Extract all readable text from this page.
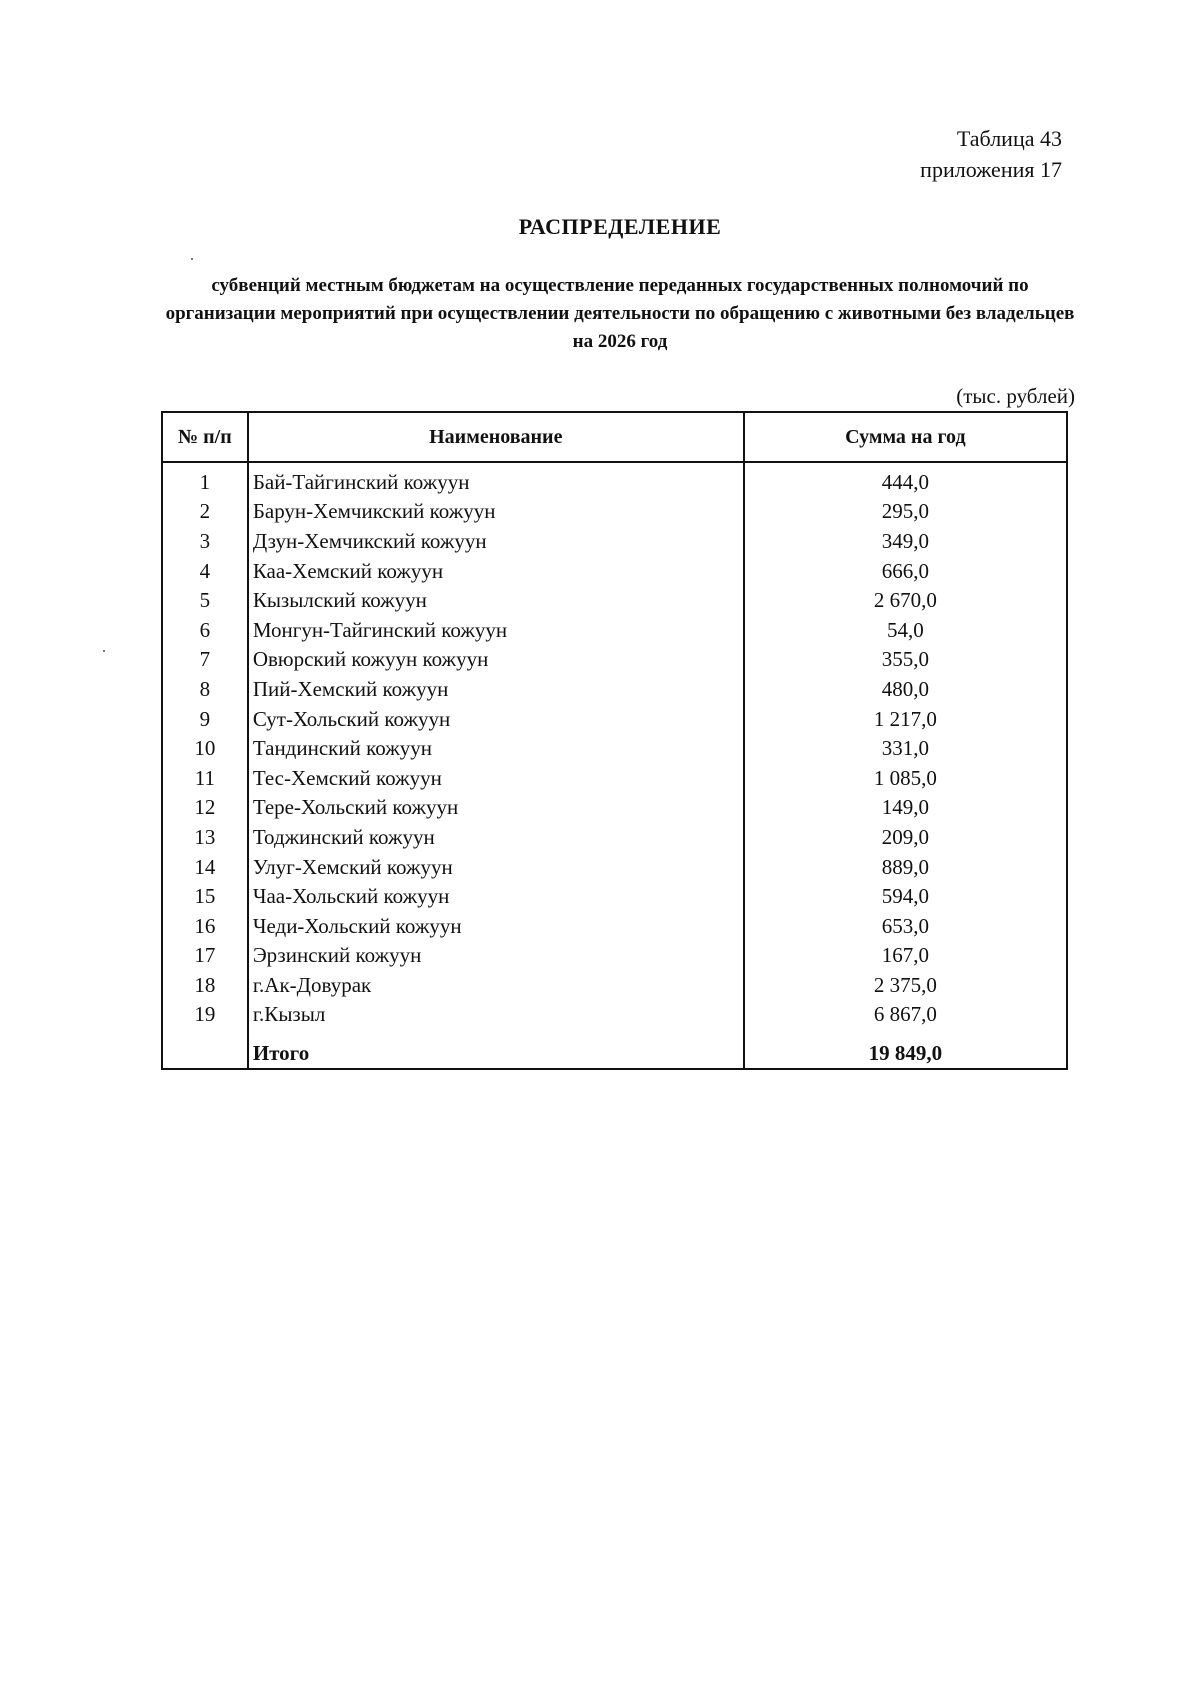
Таблица 43
приложения 17
РАСПРЕДЕЛЕНИЕ
субвенций местным бюджетам на осуществление переданных государственных полномочий по организации мероприятий при осуществлении деятельности по обращению с животными без владельцев на 2026 год
(тыс. рублей)
№ п/п	Наименование	Сумма на год
1	Бай-Тайгинский кожуун	444,0
2	Барун-Хемчикский кожуун	295,0
3	Дзун-Хемчикский кожуун	349,0
4	Каа-Хемский кожуун	666,0
5	Кызылский кожуун	2 670,0
6	Монгун-Тайгинский кожуун	54,0
7	Овюрский кожуун кожуун	355,0
8	Пий-Хемский кожуун	480,0
9	Сут-Хольский кожуун	1 217,0
10	Тандинский кожуун	331,0
11	Тес-Хемский кожуун	1 085,0
12	Тере-Хольский кожуун	149,0
13	Тоджинский кожуун	209,0
14	Улуг-Хемский кожуун	889,0
15	Чаа-Хольский кожуун	594,0
16	Чеди-Хольский кожуун	653,0
17	Эрзинский кожуун	167,0
18	г.Ак-Довурак	2 375,0
19	г.Кызыл	6 867,0
	Итого	19 849,0
